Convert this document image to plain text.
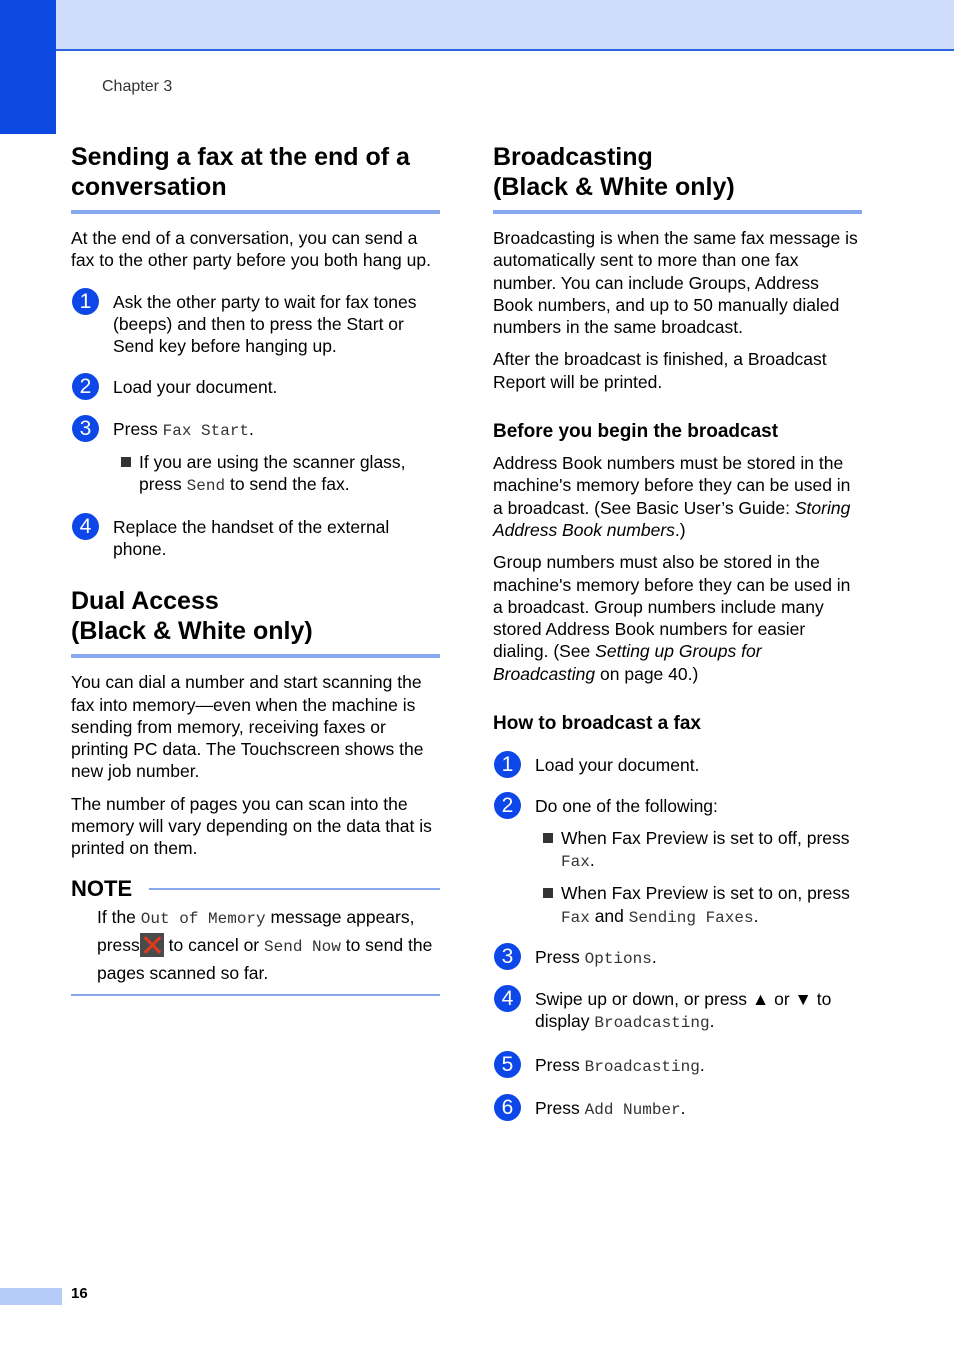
Chapter 3
Sending a fax at the end of a
conversation

At the end of a conversation, you can send a fax to the other party before you both hang up.

1	Ask the other party to wait for fax tones (beeps) and then to press the Start or Send key before hanging up.

2	Load your document.

3	Press Fax Start.

If you are using the scanner glass, press Send to send the fax.

4	Replace the handset of the external phone.

Dual Access
(Black & White only)

You can dial a number and start scanning the fax into memory—even when the machine is sending from memory, receiving faxes or printing PC data. The Touchscreen shows the new job number.

The number of pages you can scan into the memory will vary depending on the data that is printed on them.

NOTE
If the Out of Memory message appears, press to cancel or Send Now to send the pages scanned so far.
Broadcasting
(Black & White only)

Broadcasting is when the same fax message is automatically sent to more than one fax number. You can include Groups, Address Book numbers, and up to 50 manually dialed numbers in the same broadcast.

After the broadcast is finished, a Broadcast Report will be printed.

Before you begin the broadcast

Address Book numbers must be stored in the machine's memory before they can be used in a broadcast. (See Basic User’s Guide: Storing Address Book numbers.)

Group numbers must also be stored in the machine's memory before they can be used in a broadcast. Group numbers include many stored Address Book numbers for easier dialing. (See Setting up Groups for Broadcasting on page 40.)

How to broadcast a fax
1	Load your document.

2	Do one of the following:

When Fax Preview is set to off, press Fax.

When Fax Preview is set to on, press Fax and Sending Faxes.

3	Press Options.

4	Swipe up or down, or press ▲ or ▼ to display Broadcasting.

5	Press Broadcasting.

6	Press Add Number.

16
